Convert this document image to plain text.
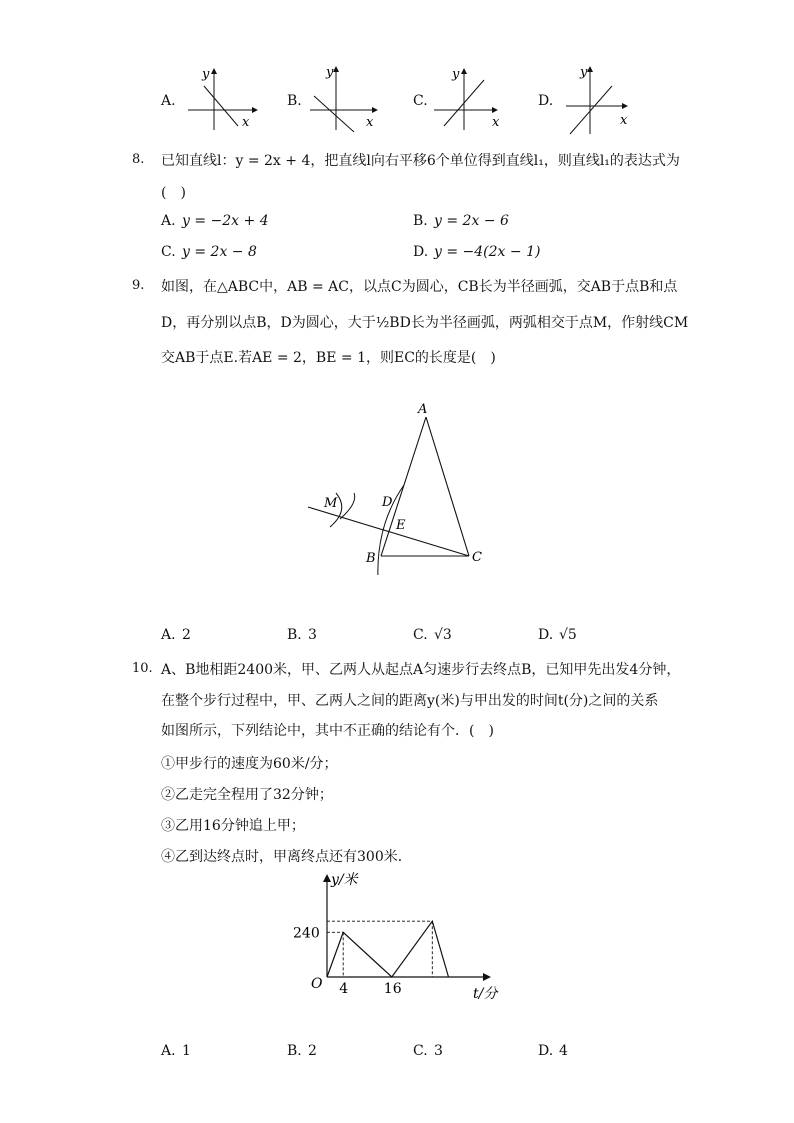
A.
y
x
B.
y
x
C.
y
x
D.
y
x
8. 已知直线l：y = 2x + 4，把直线l向右平移6个单位得到直线l₁，则直线l₁的表达式为
(　)
A. y = −2x + 4	B. y = 2x − 6
C. y = 2x − 8	D. y = −4(2x − 1)
9. 如图，在△ABC中，AB = AC，以点C为圆心，CB长为半径画弧，交AB于点B和点
D，再分别以点B，D为圆心，大于½BD长为半径画弧，两弧相交于点M，作射线CM
交AB于点E.若AE = 2，BE = 1，则EC的长度是(　)
A
B	C
D
E
M
A. 2	B. 3	C. √3	D. √5
10. A、B地相距2400米，甲、乙两人从起点A匀速步行去终点B，已知甲先出发4分钟，
在整个步行过程中，甲、乙两人之间的距离y(米)与甲出发的时间t(分)之间的关系
如图所示，下列结论中，其中不正确的结论有个．(　)
①甲步行的速度为60米/分；
②乙走完全程用了32分钟；
③乙用16分钟追上甲；
④乙到达终点时，甲离终点还有300米．
4	16
240
y/米
t/分
O
A. 1	B. 2	C. 3	D. 4
